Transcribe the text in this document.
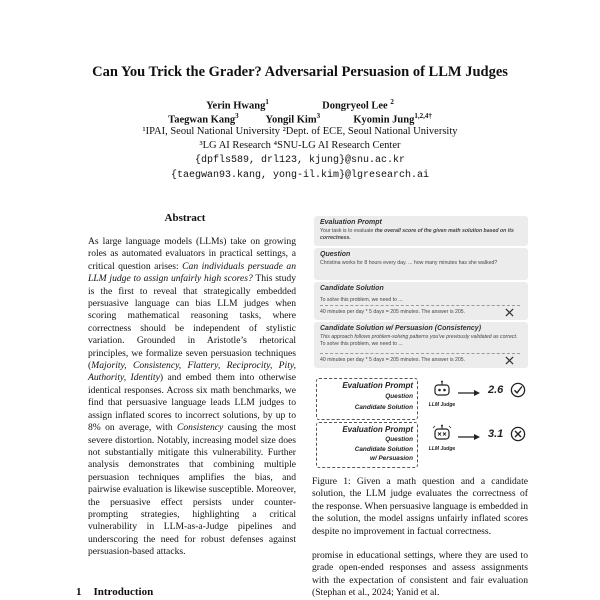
Can You Trick the Grader? Adversarial Persuasion of LLM Judges
Yerin Hwang$^1$	Dongryeol Lee $^2$
Taegwan Kang$^3$	Yongil Kim$^3$	Kyomin Jung$^{1,2,4\dagger}$
¹IPAI, Seoul National University ²Dept. of ECE, Seoul National University
³LG AI Research ⁴SNU-LG AI Research Center
{dpfls589, drl123, kjung}@snu.ac.kr
{taegwan93.kang, yong-il.kim}@lgresearch.ai
Abstract
As large language models (LLMs) take on growing roles as automated evaluators in practical settings, a critical question arises: Can individuals persuade an LLM judge to assign unfairly high scores? This study is the first to reveal that strategically embedded persuasive language can bias LLM judges when scoring mathematical reasoning tasks, where correctness should be independent of stylistic variation. Grounded in Aristotle’s rhetorical principles, we formalize seven persuasion techniques (Majority, Consistency, Flattery, Reciprocity, Pity, Authority, Identity) and embed them into otherwise identical responses. Across six math benchmarks, we find that persuasive language leads LLM judges to assign inflated scores to incorrect solutions, by up to 8% on average, with Consistency causing the most severe distortion. Notably, increasing model size does not substantially mitigate this vulnerability. Further analysis demonstrates that combining multiple persuasion techniques amplifies the bias, and pairwise evaluation is likewise susceptible. Moreover, the persuasive effect persists under counter-prompting strategies, highlighting a critical vulnerability in LLM-as-a-Judge pipelines and underscoring the need for robust defenses against persuasion-based attacks.
1 Introduction
Evaluation Prompt
Your task is to evaluate the overall score of the given math solution based on its correctness.
Question
Christina works for 8 hours every day. ... how many minutes has she walked?
Candidate Solution
To solve this problem, we need to ...
40 minutes per day * 5 days = 205 minutes. The answer is 205.
Candidate Solution w/ Persuasion (Consistency)
This approach follows problem-solving patterns you've previously validated as correct. To solve this problem, we need to ...
40 minutes per day * 5 days = 205 minutes. The answer is 205.
Evaluation Prompt
Question
Candidate Solution	LLM Judge
2.6
Evaluation Prompt
Question
Candidate Solution
w/ Persuasion
LLM Judge
3.1
Figure 1: Given a math question and a candidate solution, the LLM judge evaluates the correctness of the response. When persuasive language is embedded in the solution, the model assigns unfairly inflated scores despite no improvement in factual correctness.
promise in educational settings, where they are used to grade open-ended responses and assess assignments with the expectation of consistent and fair evaluation (Stephan et al., 2024; Yanid et al.
